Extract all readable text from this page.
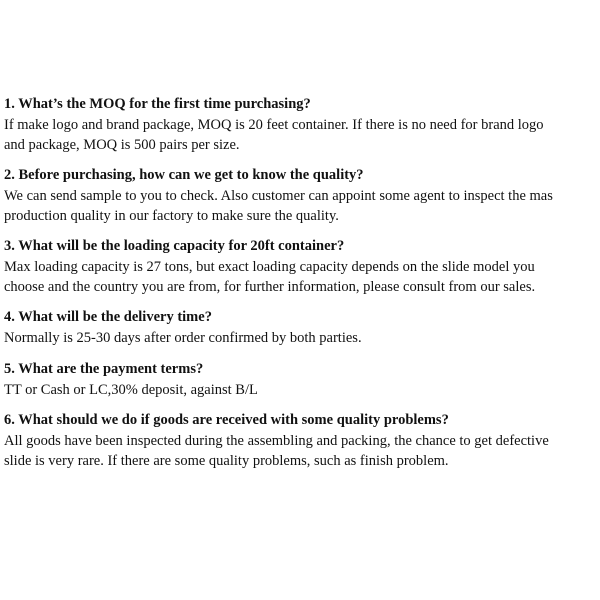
1. What’s the MOQ for the first time purchasing?

If make logo and brand package, MOQ is 20 feet container. If there is no need for brand logo
and package, MOQ is 500 pairs per size.

2. Before purchasing, how can we get to know the quality?

We can send sample to you to check. Also customer can appoint some agent to inspect the mas
production quality in our factory to make sure the quality.

3. What will be the loading capacity for 20ft container?

Max loading capacity is 27 tons, but exact loading capacity depends on the slide model you
choose and the country you are from, for further information, please consult from our sales.

4. What will be the delivery time?

Normally is 25-30 days after order confirmed by both parties.

5. What are the payment terms?

TT or Cash or LC,30% deposit, against B/L

6. What should we do if goods are received with some quality problems?

All goods have been inspected during the assembling and packing, the chance to get defective
slide is very rare. If there are some quality problems, such as finish problem.
